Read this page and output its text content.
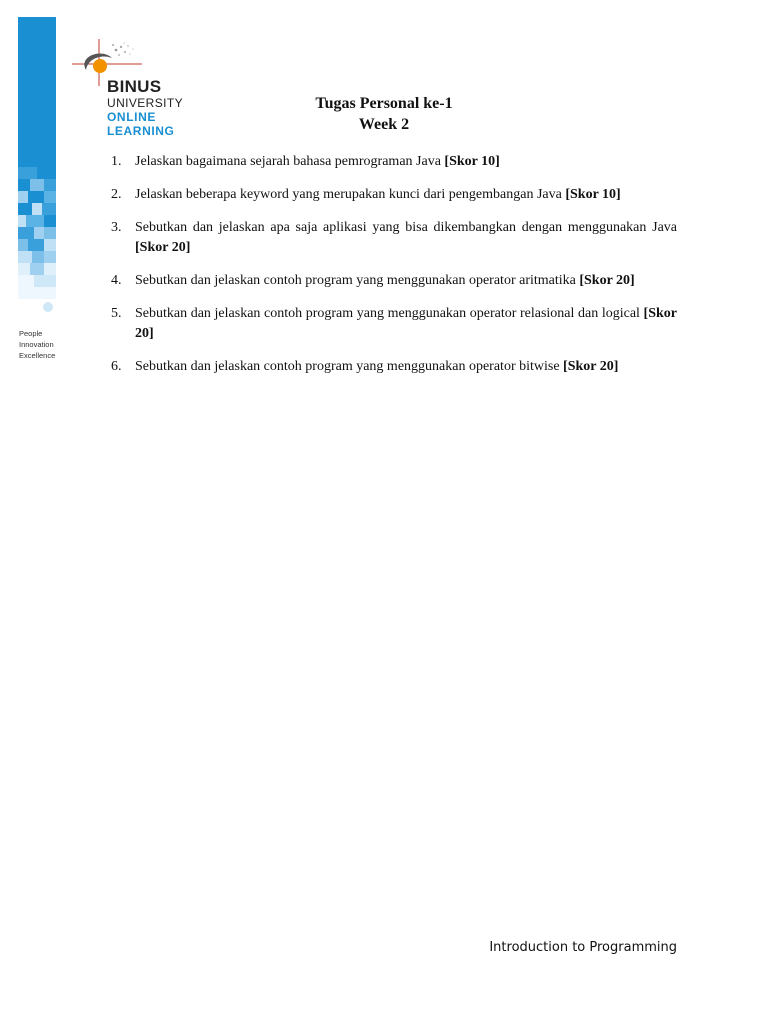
People
Innovation
Excellence
BINUS
UNIVERSITY
ONLINE
LEARNING
Tugas Personal ke-1
Week 2
1. Jelaskan bagaimana sejarah bahasa pemrograman Java [Skor 10]
2. Jelaskan beberapa keyword yang merupakan kunci dari pengembangan Java [Skor 10]
3. Sebutkan dan jelaskan apa saja aplikasi yang bisa dikembangkan dengan menggunakan Java [Skor 20]
4. Sebutkan dan jelaskan contoh program yang menggunakan operator aritmatika [Skor 20]
5. Sebutkan dan jelaskan contoh program yang menggunakan operator relasional dan logical [Skor 20]
6. Sebutkan dan jelaskan contoh program yang menggunakan operator bitwise [Skor 20]
Introduction to Programming
